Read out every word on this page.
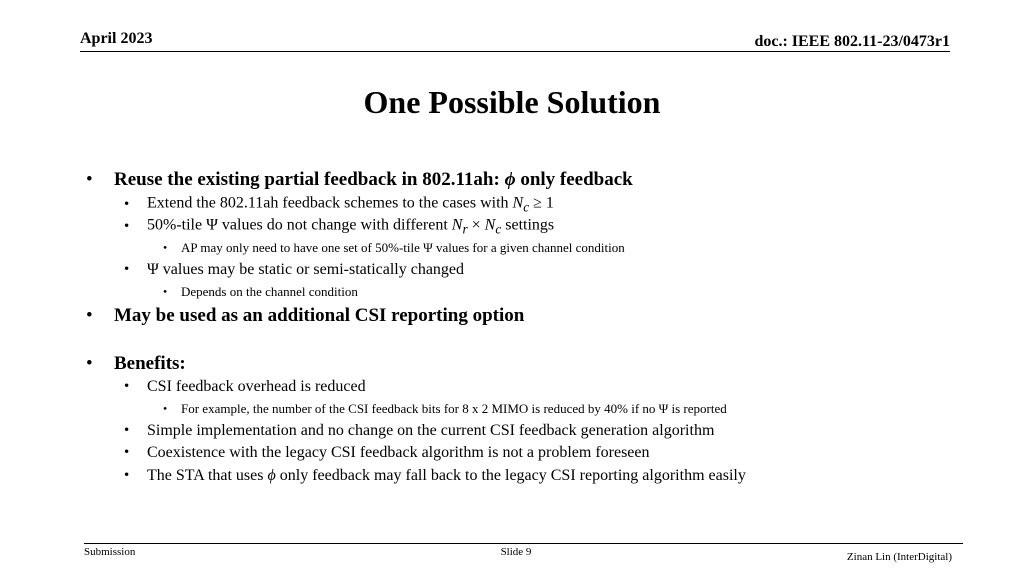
April 2023	doc.: IEEE 802.11-23/0473r1
One Possible Solution
• Reuse the existing partial feedback in 802.11ah: ϕ only feedback
• Extend the 802.11ah feedback schemes to the cases with $N_c \ge 1$
• 50%-tile Ψ values do not change with different $N_r \times N_c$ settings
• AP may only need to have one set of 50%-tile Ψ values for a given channel condition
• Ψ values may be static or semi-statically changed
• Depends on the channel condition
• May be used as an additional CSI reporting option
• Benefits:
• CSI feedback overhead is reduced
• For example, the number of the CSI feedback bits for 8 x 2 MIMO is reduced by 40% if no Ψ is reported
• Simple implementation and no change on the current CSI feedback generation algorithm
• Coexistence with the legacy CSI feedback algorithm is not a problem foreseen
• The STA that uses ϕ only feedback may fall back to the legacy CSI reporting algorithm easily
Submission	Slide 9	Zinan Lin (InterDigital)
